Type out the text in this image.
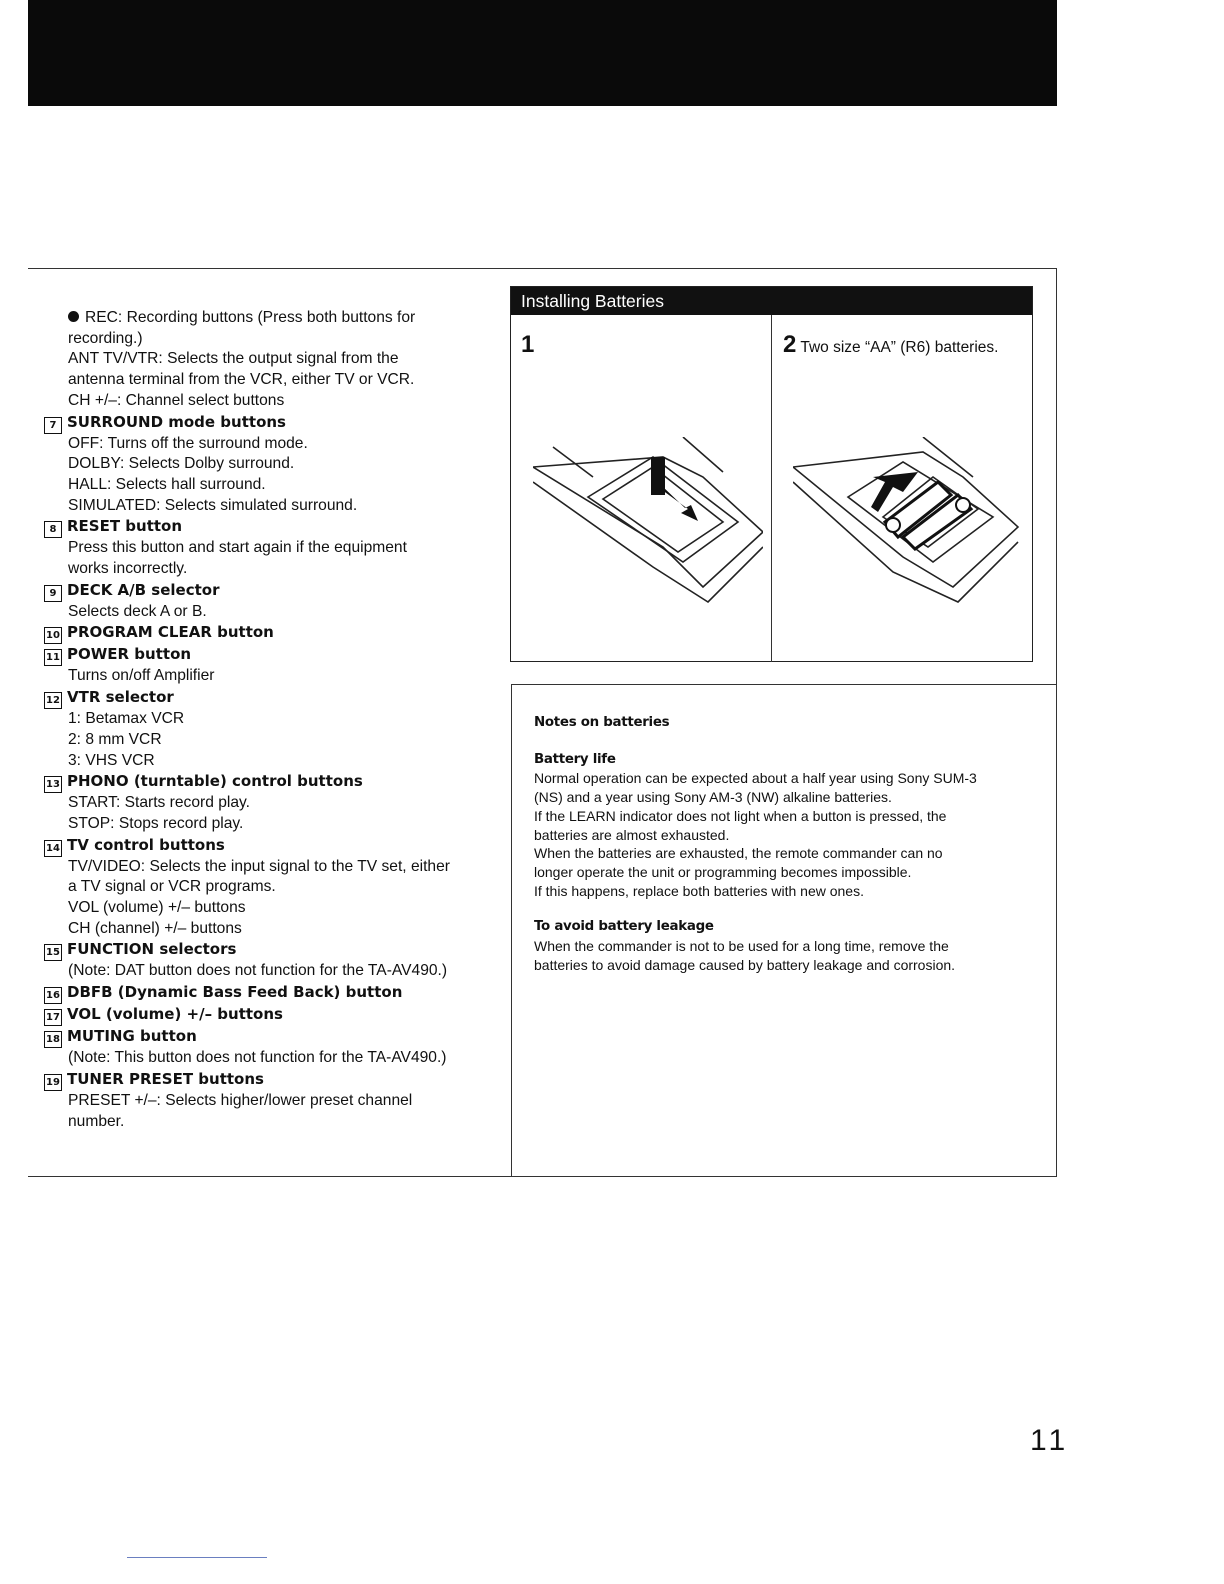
REC: Recording buttons (Press both buttons for
recording.)
ANT TV/VTR: Selects the output signal from the
antenna terminal from the VCR, either TV or VCR.
CH +/–: Channel select buttons
7 SURROUND mode buttons
OFF: Turns off the surround mode.
DOLBY: Selects Dolby surround.
HALL: Selects hall surround.
SIMULATED: Selects simulated surround.
8 RESET button
Press this button and start again if the equipment
works incorrectly.
9 DECK A/B selector
Selects deck A or B.
10 PROGRAM CLEAR button
11 POWER button
Turns on/off Amplifier
12 VTR selector
1: Betamax VCR
2: 8 mm VCR
3: VHS VCR
13 PHONO (turntable) control buttons
START: Starts record play.
STOP: Stops record play.
14 TV control buttons
TV/VIDEO: Selects the input signal to the TV set, either
a TV signal or VCR programs.
VOL (volume) +/– buttons
CH (channel) +/– buttons
15 FUNCTION selectors
(Note: DAT button does not function for the TA-AV490.)
16 DBFB (Dynamic Bass Feed Back) button
17 VOL (volume) +/– buttons
18 MUTING button
(Note: This button does not function for the TA-AV490.)
19 TUNER PRESET buttons
PRESET +/–: Selects higher/lower preset channel
number.
Installing Batteries
1	2 Two size “AA” (R6) batteries.
Notes on batteries
Battery life
Normal operation can be expected about a half year using Sony SUM-3
(NS) and a year using Sony AM-3 (NW) alkaline batteries.
If the LEARN indicator does not light when a button is pressed, the
batteries are almost exhausted.
When the batteries are exhausted, the remote commander can no
longer operate the unit or programming becomes impossible.
If this happens, replace both batteries with new ones.
To avoid battery leakage
When the commander is not to be used for a long time, remove the
batteries to avoid damage caused by battery leakage and corrosion.
11
